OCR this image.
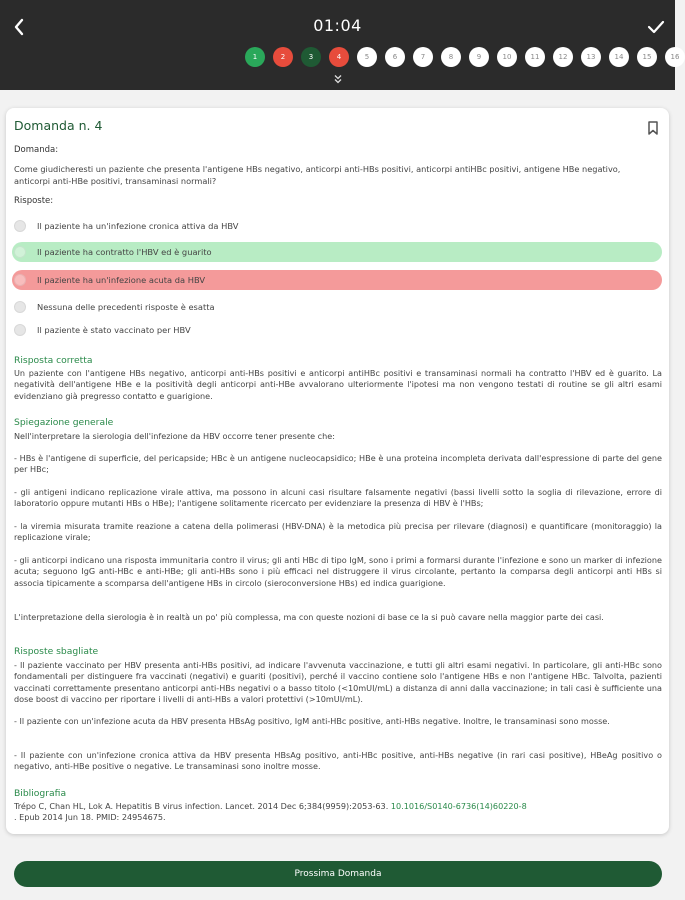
01:04
1	2	3	4	5	6	7	8	9	10	11	12	13	14	15	16
Domanda n. 4
Domanda:
Come giudicheresti un paziente che presenta l'antigene HBs negativo, anticorpi anti-HBs positivi, anticorpi antiHBc positivi, antigene HBe negativo, anticorpi anti-HBe positivi, transaminasi normali?
Risposte:
Il paziente ha un'infezione cronica attiva da HBV
Il paziente ha contratto l'HBV ed è guarito
Il paziente ha un'infezione acuta da HBV
Nessuna delle precedenti risposte è esatta
Il paziente è stato vaccinato per HBV
Risposta corretta
Un paziente con l'antigene HBs negativo, anticorpi anti-HBs positivi e anticorpi antiHBc positivi e transaminasi normali ha contratto l'HBV ed è guarito. La negatività dell'antigene HBe e la positività degli anticorpi anti-HBe avvalorano ulteriormente l'ipotesi ma non vengono testati di routine se gli altri esami evidenziano già pregresso contatto e guarigione.
Spiegazione generale
Nell'interpretare la sierologia dell'infezione da HBV occorre tener presente che:
- HBs è l'antigene di superficie, del pericapside; HBc è un antigene nucleocapsidico; HBe è una proteina incompleta derivata dall'espressione di parte del gene per HBc;
- gli antigeni indicano replicazione virale attiva, ma possono in alcuni casi risultare falsamente negativi (bassi livelli sotto la soglia di rilevazione, errore di laboratorio oppure mutanti HBs o HBe); l'antigene solitamente ricercato per evidenziare la presenza di HBV è l'HBs;
- la viremia misurata tramite reazione a catena della polimerasi (HBV-DNA) è la metodica più precisa per rilevare (diagnosi) e quantificare (monitoraggio) la replicazione virale;
- gli anticorpi indicano una risposta immunitaria contro il virus; gli anti HBc di tipo IgM, sono i primi a formarsi durante l'infezione e sono un marker di infezione acuta; seguono IgG anti-HBc e anti-HBe; gli anti-HBs sono i più efficaci nel distruggere il virus circolante, pertanto la comparsa degli anticorpi anti HBs si associa tipicamente a scomparsa dell'antigene HBs in circolo (sieroconversione HBs) ed indica guarigione.
L'interpretazione della sierologia è in realtà un po' più complessa, ma con queste nozioni di base ce la si può cavare nella maggior parte dei casi.
Risposte sbagliate
- Il paziente vaccinato per HBV presenta anti-HBs positivi, ad indicare l'avvenuta vaccinazione, e tutti gli altri esami negativi. In particolare, gli anti-HBc sono fondamentali per distinguere fra vaccinati (negativi) e guariti (positivi), perché il vaccino contiene solo l'antigene HBs e non l'antigene HBc. Talvolta, pazienti vaccinati correttamente presentano anticorpi anti-HBs negativi o a basso titolo (<10mUI/mL) a distanza di anni dalla vaccinazione; in tali casi è sufficiente una dose boost di vaccino per riportare i livelli di anti-HBs a valori protettivi (>10mUI/mL).
- Il paziente con un'infezione acuta da HBV presenta HBsAg positivo, IgM anti-HBc positive, anti-HBs negative. Inoltre, le transaminasi sono mosse.
- Il paziente con un'infezione cronica attiva da HBV presenta HBsAg positivo, anti-HBc positive, anti-HBs negative (in rari casi positive), HBeAg positivo o negativo, anti-HBe positive o negative. Le transaminasi sono inoltre mosse.
Bibliografia
Trépo C, Chan HL, Lok A. Hepatitis B virus infection. Lancet. 2014 Dec 6;384(9959):2053-63. 10.1016/S0140-6736(14)60220-8
. Epub 2014 Jun 18. PMID: 24954675.
Prossima Domanda
